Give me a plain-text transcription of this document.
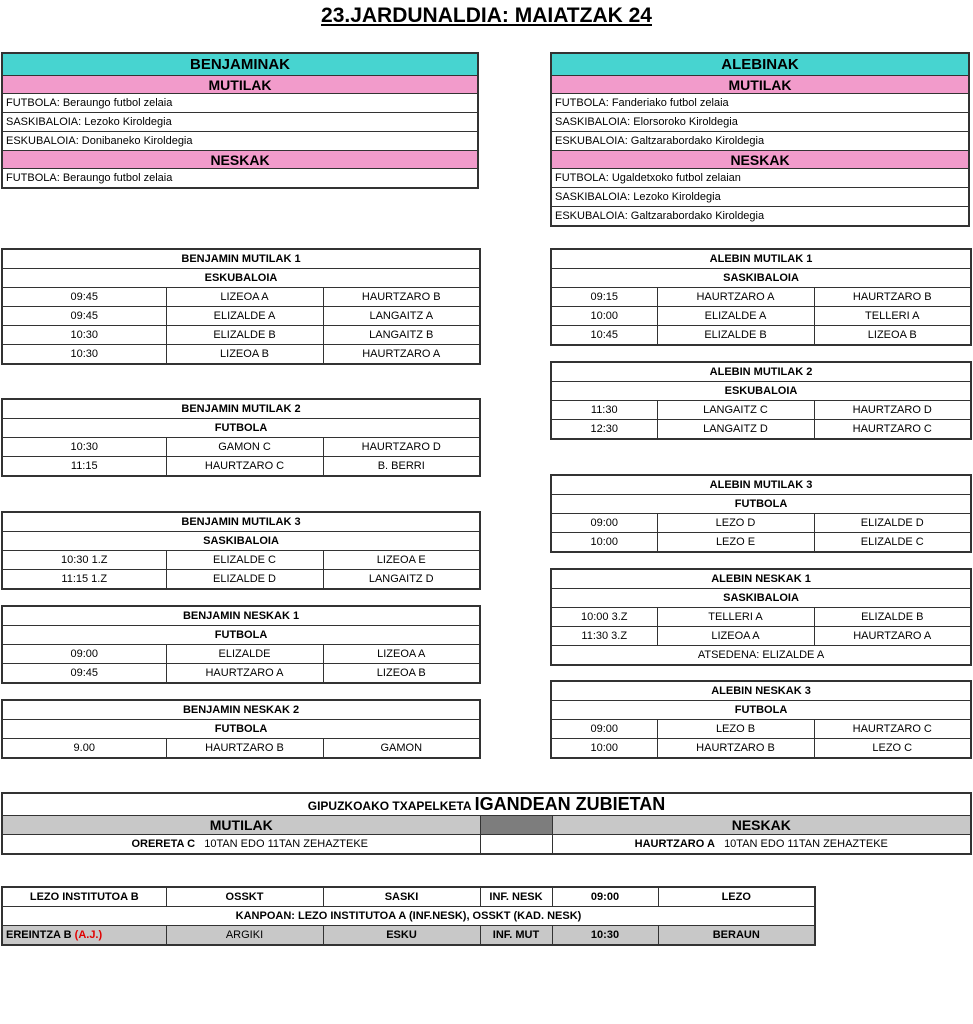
23.JARDUNALDIA: MAIATZAK 24
BENJAMINAK
MUTILAK
FUTBOLA: Beraungo futbol zelaia
SASKIBALOIA: Lezoko Kiroldegia
ESKUBALOIA: Donibaneko Kiroldegia
NESKAK
FUTBOLA: Beraungo futbol zelaia
ALEBINAK
MUTILAK
FUTBOLA: Fanderiako futbol zelaia
SASKIBALOIA: Elorsoroko Kiroldegia
ESKUBALOIA: Galtzarabordako Kiroldegia
NESKAK
FUTBOLA: Ugaldetxoko futbol zelaian
SASKIBALOIA: Lezoko Kiroldegia
ESKUBALOIA: Galtzarabordako Kiroldegia
BENJAMIN MUTILAK 1		
ESKUBALOIA		
09:45	LIZEOA A	HAURTZARO B
09:45	ELIZALDE A	LANGAITZ A
10:30	ELIZALDE B	LANGAITZ B
10:30	LIZEOA B	HAURTZARO A
BENJAMIN MUTILAK 2		
FUTBOLA		
10:30	GAMON C	HAURTZARO D
11:15	HAURTZARO C	B. BERRI
BENJAMIN MUTILAK 3		
SASKIBALOIA		
10:30 1.Z	ELIZALDE C	LIZEOA E
11:15 1.Z	ELIZALDE D	LANGAITZ D
BENJAMIN NESKAK 1		
FUTBOLA		
09:00	ELIZALDE	LIZEOA A
09:45	HAURTZARO A	LIZEOA B
BENJAMIN NESKAK 2
FUTBOLA
9.00	HAURTZARO B	GAMON
ALEBIN MUTILAK 1		
SASKIBALOIA		
09:15	HAURTZARO A	HAURTZARO B
10:00	ELIZALDE A	TELLERI A
10:45	ELIZALDE B	LIZEOA B
ALEBIN MUTILAK 2		
ESKUBALOIA		
11:30	LANGAITZ C	HAURTZARO D
12:30	LANGAITZ D	HAURTZARO C
ALEBIN MUTILAK 3		
FUTBOLA		
09:00	LEZO D	ELIZALDE D
10:00	LEZO E	ELIZALDE C
ALEBIN NESKAK 1		
SASKIBALOIA		
10:00 3.Z	TELLERI A	ELIZALDE B
11:30 3.Z	LIZEOA A	HAURTZARO A
ATSEDENA: ELIZALDE A		
ALEBIN NESKAK 3		
FUTBOLA		
09:00	LEZO B	HAURTZARO C
10:00	HAURTZARO B	LEZO C
GIPUZKOAKO TXAPELKETA IGANDEAN ZUBIETAN		
MUTILAK		NESKAK
ORERETA C 10TAN EDO 11TAN ZEHAZTEKE		HAURTZARO A 10TAN EDO 11TAN ZEHAZTEKE
LEZO INSTITUTOA B	OSSKT	SASKI	INF. NESK	09:00	LEZO
KANPOAN: LEZO INSTITUTOA A (INF.NESK), OSSKT (KAD. NESK)					
EREINTZA B (A.J.)	ARGIKI	ESKU	INF. MUT	10:30	BERAUN
